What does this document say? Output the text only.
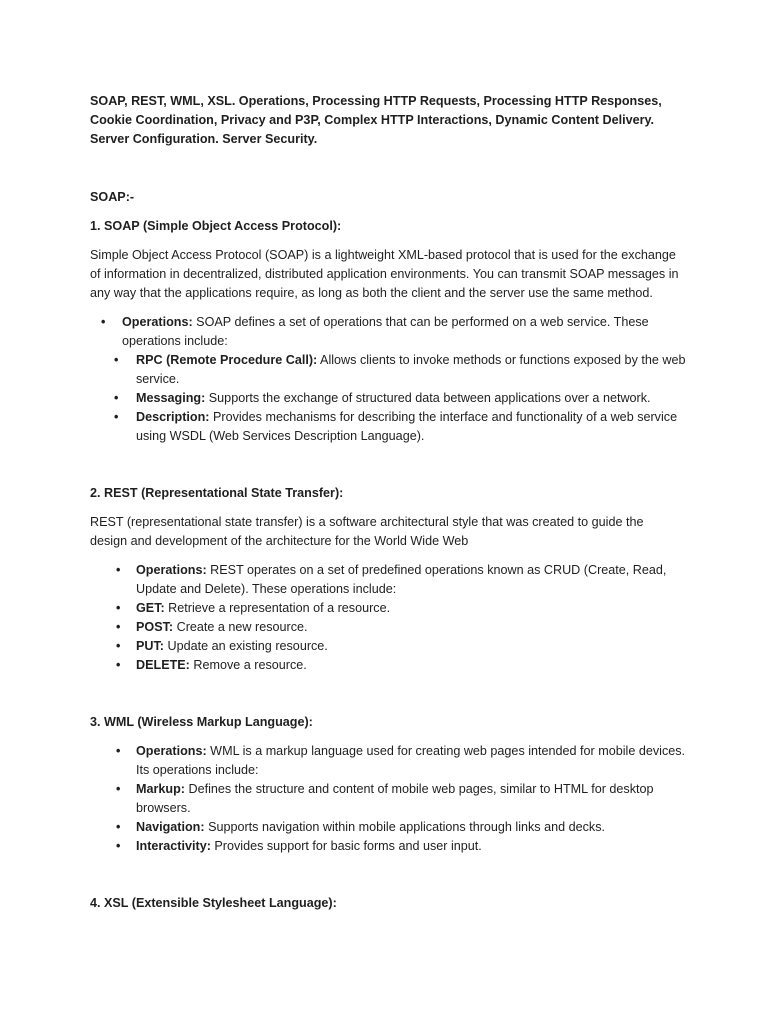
SOAP, REST, WML, XSL. Operations, Processing HTTP Requests, Processing HTTP Responses, Cookie Coordination, Privacy and P3P, Complex HTTP Interactions, Dynamic Content Delivery. Server Configuration. Server Security.

SOAP:-

1. SOAP (Simple Object Access Protocol):

Simple Object Access Protocol (SOAP) is a lightweight XML-based protocol that is used for the exchange of information in decentralized, distributed application environments. You can transmit SOAP messages in any way that the applications require, as long as both the client and the server use the same method.

• Operations: SOAP defines a set of operations that can be performed on a web service. These operations include:
• RPC (Remote Procedure Call): Allows clients to invoke methods or functions exposed by the web service.
• Messaging: Supports the exchange of structured data between applications over a network.
• Description: Provides mechanisms for describing the interface and functionality of a web service using WSDL (Web Services Description Language).

2. REST (Representational State Transfer):

REST (representational state transfer) is a software architectural style that was created to guide the design and development of the architecture for the World Wide Web

• Operations: REST operates on a set of predefined operations known as CRUD (Create, Read, Update and Delete). These operations include:
• GET: Retrieve a representation of a resource.
• POST: Create a new resource.
• PUT: Update an existing resource.
• DELETE: Remove a resource.

3. WML (Wireless Markup Language):

• Operations: WML is a markup language used for creating web pages intended for mobile devices. Its operations include:
• Markup: Defines the structure and content of mobile web pages, similar to HTML for desktop browsers.
• Navigation: Supports navigation within mobile applications through links and decks.
• Interactivity: Provides support for basic forms and user input.

4. XSL (Extensible Stylesheet Language):
